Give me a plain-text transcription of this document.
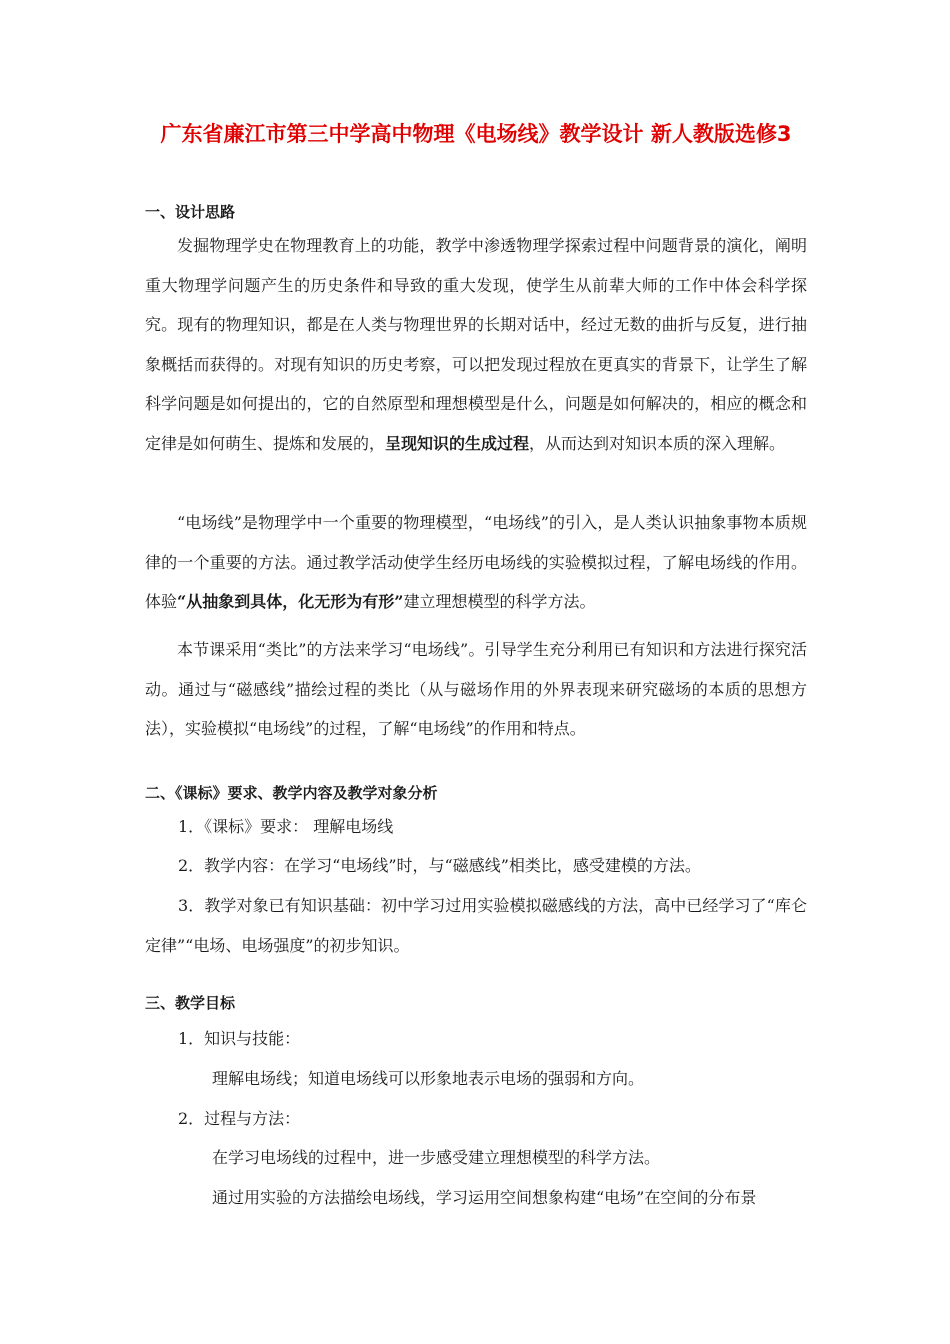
广东省廉江市第三中学高中物理《电场线》教学设计 新人教版选修3
一、设计思路
发掘物理学史在物理教育上的功能，教学中渗透物理学探索过程中问题背景的演化，阐明重大物理学问题产生的历史条件和导致的重大发现，使学生从前辈大师的工作中体会科学探究。现有的物理知识，都是在人类与物理世界的长期对话中，经过无数的曲折与反复，进行抽象概括而获得的。对现有知识的历史考察，可以把发现过程放在更真实的背景下，让学生了解科学问题是如何提出的，它的自然原型和理想模型是什么，问题是如何解决的，相应的概念和定律是如何萌生、提炼和发展的，呈现知识的生成过程，从而达到对知识本质的深入理解。
“电场线”是物理学中一个重要的物理模型，“电场线”的引入，是人类认识抽象事物本质规律的一个重要的方法。通过教学活动使学生经历电场线的实验模拟过程，了解电场线的作用。体验“从抽象到具体，化无形为有形”建立理想模型的科学方法。
本节课采用“类比”的方法来学习“电场线”。引导学生充分利用已有知识和方法进行探究活动。通过与“磁感线”描绘过程的类比（从与磁场作用的外界表现来研究磁场的本质的思想方法），实验模拟“电场线”的过程，了解“电场线”的作用和特点。
二、《课标》要求、教学内容及教学对象分析
1．《课标》要求： 理解电场线
2．教学内容：在学习“电场线”时，与“磁感线”相类比，感受建模的方法。
3．教学对象已有知识基础：初中学习过用实验模拟磁感线的方法，高中已经学习了“库仑定律”“电场、电场强度”的初步知识。
三、教学目标
1．知识与技能：
理解电场线；知道电场线可以形象地表示电场的强弱和方向。
2．过程与方法：
在学习电场线的过程中，进一步感受建立理想模型的科学方法。
通过用实验的方法描绘电场线，学习运用空间想象构建“电场”在空间的分布景
